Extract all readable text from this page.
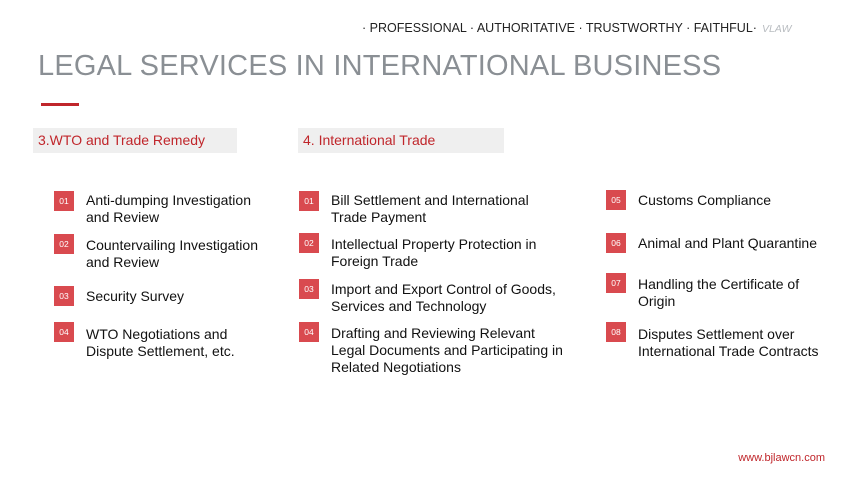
· PROFESSIONAL · AUTHORITATIVE · TRUSTWORTHY · FAITHFUL· VLAW
LEGAL SERVICES IN INTERNATIONAL BUSINESS
3.WTO and Trade Remedy	4. International Trade
01	Anti-dumping Investigation and Review
02	Countervailing Investigation and Review
03	Security Survey
04	WTO Negotiations and Dispute Settlement, etc.
01	Bill Settlement and International Trade Payment
02	Intellectual Property Protection in Foreign Trade
03	Import and Export Control of Goods, Services and Technology
04	Drafting and Reviewing Relevant Legal Documents and Participating in Related Negotiations
05	Customs Compliance
06	Animal and Plant Quarantine
07	Handling the Certificate of Origin
08	Disputes Settlement over International Trade Contracts
www.bjlawcn.com
